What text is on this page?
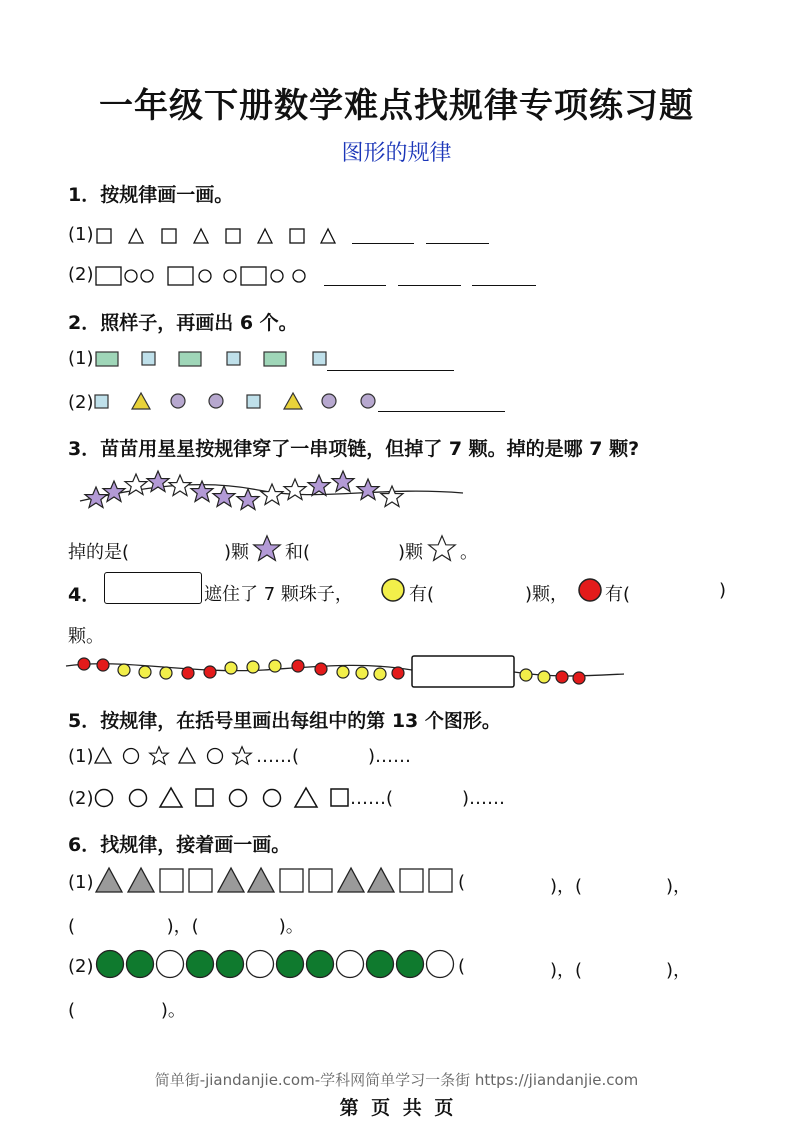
一年级下册数学难点找规律专项练习题
图形的规律
1．按规律画一画。
(1)
(2)
2．照样子，再画出 6 个。
(1)
(2)
3．苗苗用星星按规律穿了一串项链，但掉了 7 颗。掉的是哪 7 颗?
掉的是(	)颗 和(	)颗 。
4．	遮住了 7 颗珠子，	有(	)颗， 有(	)
颗。
5．按规律，在括号里画出每组中的第 13 个图形。
(1)	……(	)……
(2)	……(	)……
6．找规律，接着画一画。
(1)	(	)，(	)，
(                )，(              )。
(2)	(	)，(	)，
(               )。
简单街-jiandanjie.com-学科网简单学习一条街 https://jiandanjie.com
第 页 共 页
